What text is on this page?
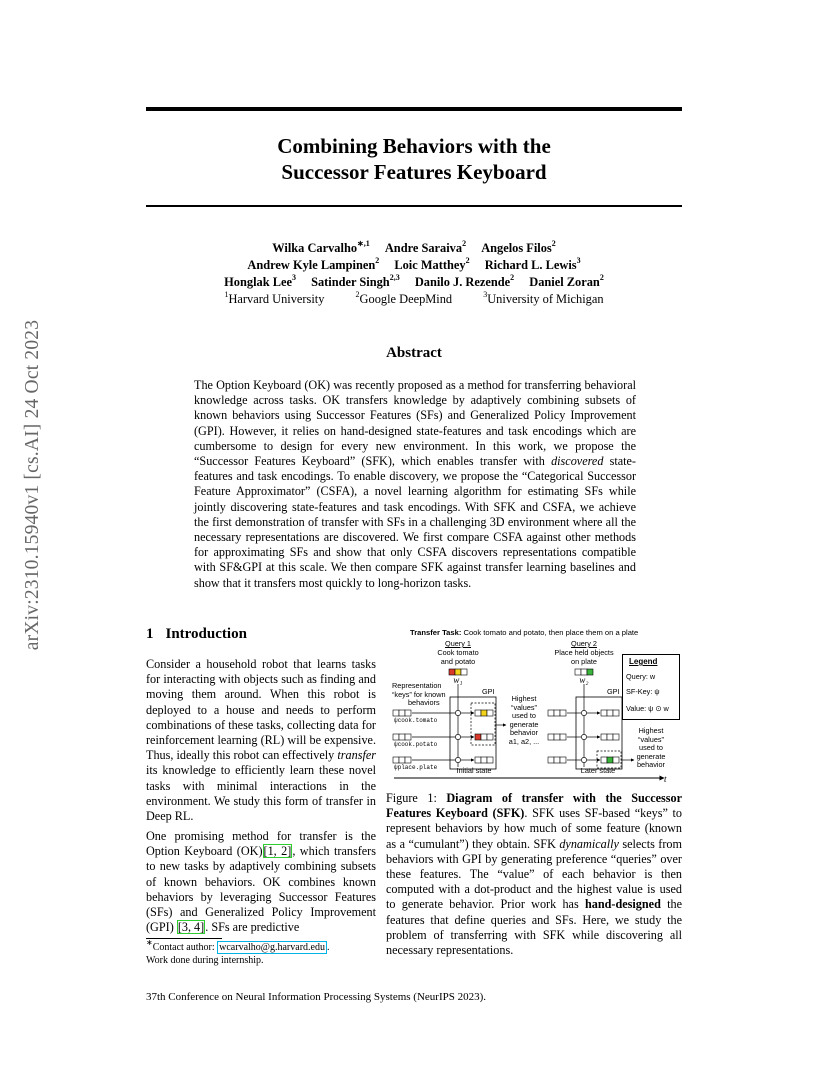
arXiv:2310.15940v1 [cs.AI] 24 Oct 2023
Combining Behaviors with the
Successor Features Keyboard
Wilka Carvalho$^{∗,1}$ Andre Saraiva$^2$ Angelos Filos$^2$
Andrew Kyle Lampinen$^2$ Loic Matthey$^2$ Richard L. Lewis$^3$
Honglak Lee$^3$ Satinder Singh$^{2,3}$ Danilo J. Rezende$^2$ Daniel Zoran$^2$
$^1$Harvard University	$^2$Google DeepMind	$^3$University of Michigan
Abstract

The Option Keyboard (OK) was recently proposed as a method for transferring behavioral knowledge across tasks. OK transfers knowledge by adaptively combining subsets of known behaviors using Successor Features (SFs) and Generalized Policy Improvement (GPI). However, it relies on hand-designed state-features and task encodings which are cumbersome to design for every new environment. In this work, we propose the “Successor Features Keyboard” (SFK), which enables transfer with discovered state-features and task encodings. To enable discovery, we propose the “Categorical Successor Feature Approximator” (CSFA), a novel learning algorithm for estimating SFs while jointly discovering state-features and task encodings. With SFK and CSFA, we achieve the first demonstration of transfer with SFs in a challenging 3D environment where all the necessary representations are discovered. We first compare CSFA against other methods for approximating SFs and show that only CSFA discovers representations compatible with SF&GPI at this scale. We then compare SFK against transfer learning baselines and show that it transfers most quickly to long-horizon tasks.

1 Introduction

Consider a household robot that learns tasks for interacting with objects such as finding and moving them around. When this robot is deployed to a house and needs to perform combinations of these tasks, collecting data for reinforcement learning (RL) will be expensive. Thus, ideally this robot can effectively transfer its knowledge to efficiently learn these novel tasks with minimal interactions in the environment. We study this form of transfer in Deep RL.

One promising method for transfer is the Option Keyboard (OK)[1, 2], which transfers to new tasks by adaptively combining subsets of known behaviors. OK combines known behaviors by leveraging Successor Features (SFs) and Generalized Policy Improvement (GPI) [3, 4]. SFs are predictive

∗Contact author: wcarvalho@g.harvard.edu .
Work done during internship.
Transfer Task: Cook tomato and potato, then place them on a plate
Query 1
Cook tomato
and potato
w₁
Query 2
Place held objects
on plate
w₂
Representation
“keys” for known
behaviors
ψcook.tomato
ψcook.potato
ψplace.plate
GPI	GPI
Highest
“values”
used to
generate
behavior
a1, a2, ...
Highest
“values”
used to
generate
behavior
Initial state	Later state
t
Legend
Query: w
SF-Key: ψ
Value: ψ ⊙ w

Figure 1: Diagram of transfer with the Successor Features Keyboard (SFK). SFK uses SF-based “keys” to represent behaviors by how much of some feature (known as a “cumulant”) they obtain. SFK dynamically selects from behaviors with GPI by generating preference “queries” over these features. The “value” of each behavior is then computed with a dot-product and the highest value is used to generate behavior. Prior work has hand-designed the features that define queries and SFs. Here, we study the problem of transferring with SFK while discovering all necessary representations.

37th Conference on Neural Information Processing Systems (NeurIPS 2023).
